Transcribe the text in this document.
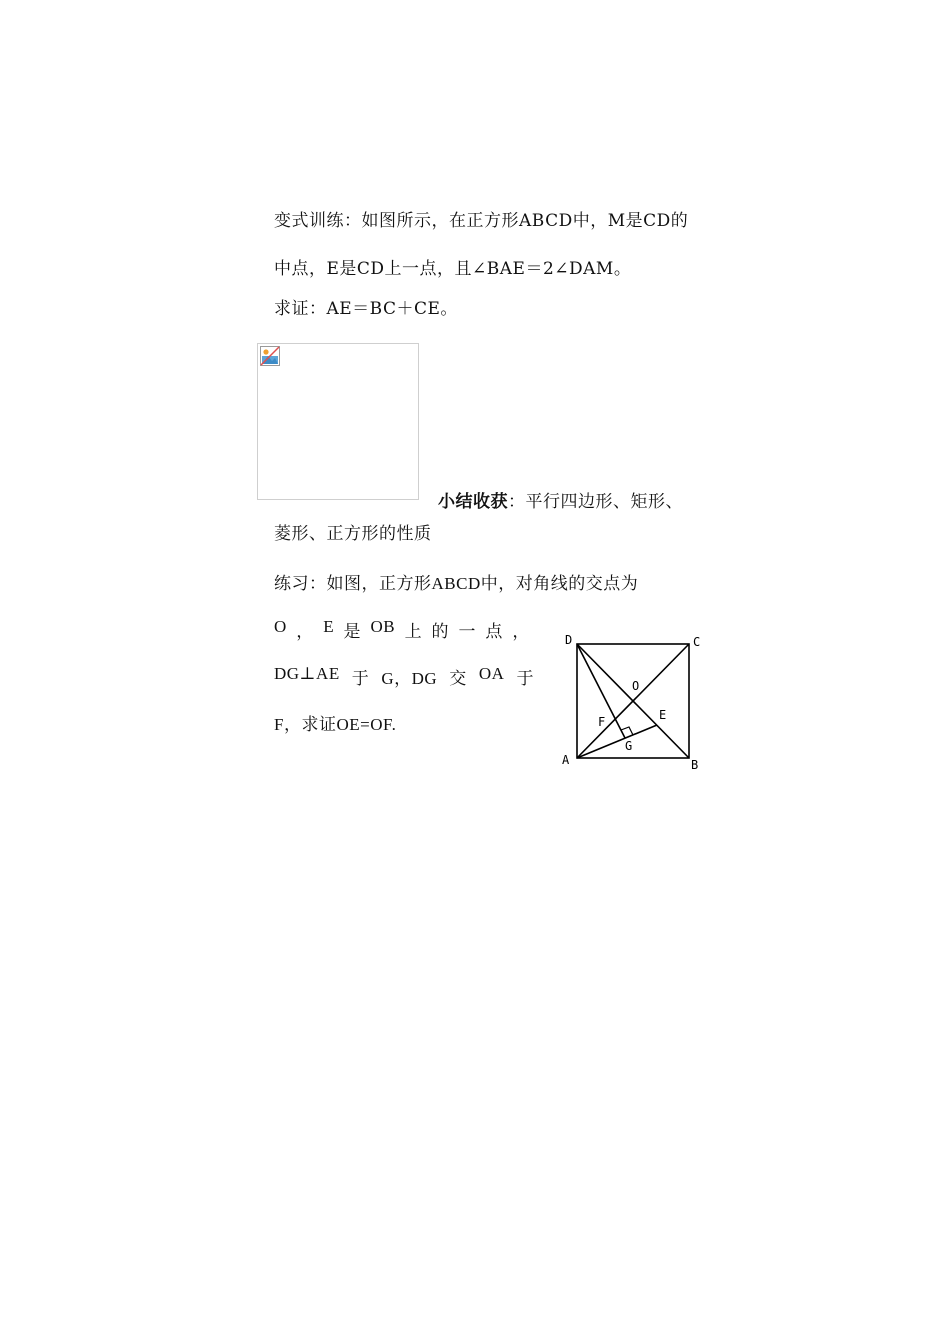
变式训练：如图所示，在正方形ABCD中，M是CD的
中点，E是CD上一点，且∠BAE＝2∠DAM。
求证：AE＝BC＋CE。
小结收获：平行四边形、矩形、
菱形、正方形的性质
练习：如图，正方形ABCD中，对角线的交点为
O ， E 是 OB 上 的 一 点 ，
DG⊥AE 于 G，DG 交 OA 于
F，求证OE=OF.
D	C
A	B
O
E
F
G
